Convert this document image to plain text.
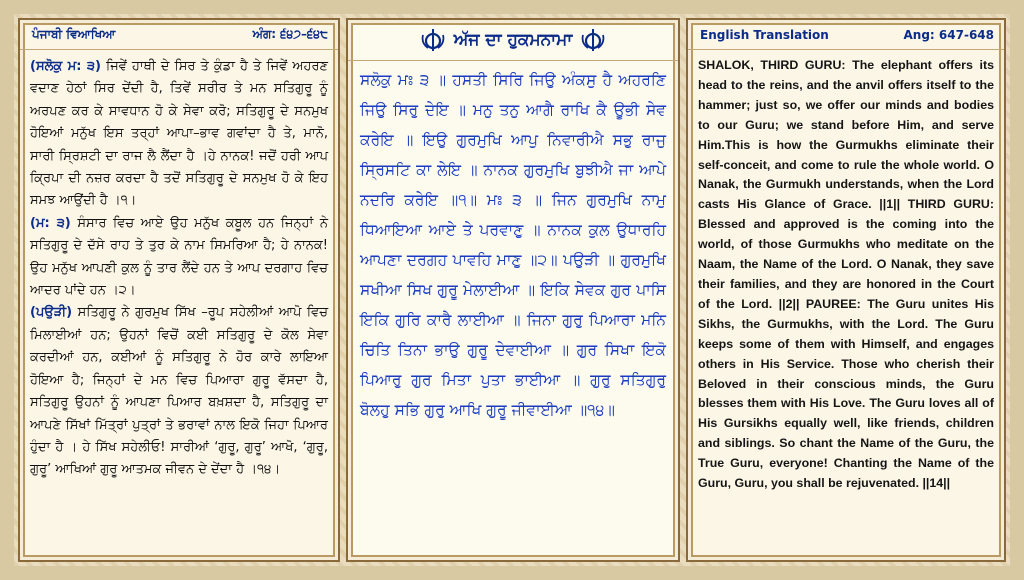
ਪੰਜਾਬੀ ਵਿਆਖਿਆ	ਅੰਗ: ੬੪੭–੬੪੮

(ਸਲੋਕੁ ਮ: ੩) ਜਿਵੇਂ ਹਾਥੀ ਦੇ ਸਿਰ ਤੇ ਕੁੰਡਾ ਹੈ ਤੇ ਜਿਵੇਂ ਅਹਰਣ ਵਦਾਣ ਹੇਠਾਂ ਸਿਰ ਦੇਂਦੀ ਹੈ, ਤਿਵੇਂ ਸਰੀਰ ਤੇ ਮਨ ਸਤਿਗੁਰੂ ਨੂੰ ਅਰਪਣ ਕਰ ਕੇ ਸਾਵਧਾਨ ਹੋ ਕੇ ਸੇਵਾ ਕਰੋ; ਸਤਿਗੁਰੂ ਦੇ ਸਨਮੁਖ ਹੋਇਆਂ ਮਨੁੱਖ ਇਸ ਤਰ੍ਹਾਂ ਆਪਾ–ਭਾਵ ਗਵਾਂਦਾ ਹੈ ਤੇ, ਮਾਨੋ, ਸਾਰੀ ਸ੍ਰਿਸ਼ਟੀ ਦਾ ਰਾਜ ਲੈ ਲੈਂਦਾ ਹੈ ।ਹੇ ਨਾਨਕ! ਜਦੋਂ ਹਰੀ ਆਪ ਕ੍ਰਿਪਾ ਦੀ ਨਜ਼ਰ ਕਰਦਾ ਹੈ ਤਦੋਂ ਸਤਿਗੁਰੂ ਦੇ ਸਨਮੁਖ ਹੋ ਕੇ ਇਹ ਸਮਝ ਆਉਂਦੀ ਹੈ ।੧।

(ਮ: ੩) ਸੰਸਾਰ ਵਿਚ ਆਏ ਉਹ ਮਨੁੱਖ ਕਬੂਲ ਹਨ ਜਿਨ੍ਹਾਂ ਨੇ ਸਤਿਗੁਰੂ ਦੇ ਦੱਸੇ ਰਾਹ ਤੇ ਤੁਰ ਕੇ ਨਾਮ ਸਿਮਰਿਆ ਹੈ; ਹੇ ਨਾਨਕ! ਉਹ ਮਨੁੱਖ ਆਪਣੀ ਕੁਲ ਨੂੰ ਤਾਰ ਲੈਂਦੇ ਹਨ ਤੇ ਆਪ ਦਰਗਾਹ ਵਿਚ ਆਦਰ ਪਾਂਦੇ ਹਨ ।੨।

(ਪਉੜੀ) ਸਤਿਗੁਰੂ ਨੇ ਗੁਰਮੁਖ ਸਿੱਖ –ਰੂਪ ਸਹੇਲੀਆਂ ਆਪੋ ਵਿਚ ਮਿਲਾਈਆਂ ਹਨ; ਉਹਨਾਂ ਵਿਚੋਂ ਕਈ ਸਤਿਗੁਰੂ ਦੇ ਕੋਲ ਸੇਵਾ ਕਰਦੀਆਂ ਹਨ, ਕਈਆਂ ਨੂੰ ਸਤਿਗੁਰੂ ਨੇ ਹੋਰ ਕਾਰੇ ਲਾਇਆ ਹੋਇਆ ਹੈ; ਜਿਨ੍ਹਾਂ ਦੇ ਮਨ ਵਿਚ ਪਿਆਰਾ ਗੁਰੂ ਵੱਸਦਾ ਹੈ, ਸਤਿਗੁਰੂ ਉਹਨਾਂ ਨੂੰ ਆਪਣਾ ਪਿਆਰ ਬਖ਼ਸ਼ਦਾ ਹੈ, ਸਤਿਗੁਰੂ ਦਾ ਆਪਣੇ ਸਿੱਖਾਂ ਮਿੱਤ੍ਰਾਂ ਪੁਤ੍ਰਾਂ ਤੇ ਭਰਾਵਾਂ ਨਾਲ ਇਕੋ ਜਿਹਾ ਪਿਆਰ ਹੁੰਦਾ ਹੈ । ਹੇ ਸਿੱਖ ਸਹੇਲੀਓ! ਸਾਰੀਆਂ ‘ਗੁਰੂ, ਗੁਰੂ’ ਆਖੋ, ‘ਗੁਰੂ, ਗੁਰੂ’ ਆਖਿਆਂ ਗੁਰੂ ਆਤਮਕ ਜੀਵਨ ਦੇ ਦੇਂਦਾ ਹੈ ।੧੪।

ਅੱਜ ਦਾ ਹੁਕਮਨਾਮਾ

ਸਲੋਕੁ ਮਃ ੩ ॥ ਹਸਤੀ ਸਿਰਿ ਜਿਉ ਅੰਕਸੁ ਹੈ ਅਹਰਣਿ ਜਿਉ ਸਿਰੁ ਦੇਇ ॥ ਮਨੁ ਤਨੁ ਆਗੈ ਰਾਖਿ ਕੈ ਊਭੀ ਸੇਵ ਕਰੇਇ ॥ ਇਉ ਗੁਰਮੁਖਿ ਆਪੁ ਨਿਵਾਰੀਐ ਸਭੁ ਰਾਜੁ ਸ੍ਰਿਸਟਿ ਕਾ ਲੇਇ ॥ ਨਾਨਕ ਗੁਰਮੁਖਿ ਬੁਝੀਐ ਜਾ ਆਪੇ ਨਦਰਿ ਕਰੇਇ ॥੧॥ ਮਃ ੩ ॥ ਜਿਨ ਗੁਰਮੁਖਿ ਨਾਮੁ ਧਿਆਇਆ ਆਏ ਤੇ ਪਰਵਾਣੁ ॥ ਨਾਨਕ ਕੁਲ ਉਧਾਰਹਿ ਆਪਣਾ ਦਰਗਹ ਪਾਵਹਿ ਮਾਣੁ ॥੨॥ ਪਉੜੀ ॥ ਗੁਰਮੁਖਿ ਸਖੀਆ ਸਿਖ ਗੁਰੂ ਮੇਲਾਈਆ ॥ ਇਕਿ ਸੇਵਕ ਗੁਰ ਪਾਸਿ ਇਕਿ ਗੁਰਿ ਕਾਰੈ ਲਾਈਆ ॥ ਜਿਨਾ ਗੁਰੁ ਪਿਆਰਾ ਮਨਿ ਚਿਤਿ ਤਿਨਾ ਭਾਉ ਗੁਰੂ ਦੇਵਾਈਆ ॥ ਗੁਰ ਸਿਖਾ ਇਕੋ ਪਿਆਰੁ ਗੁਰ ਮਿਤਾ ਪੁਤਾ ਭਾਈਆ ॥ ਗੁਰੁ ਸਤਿਗੁਰੁ ਬੋਲਹੁ ਸਭਿ ਗੁਰੁ ਆਖਿ ਗੁਰੂ ਜੀਵਾਈਆ ॥੧੪॥

English Translation	Ang: 647-648

SHALOK, THIRD GURU: The elephant offers its head to the reins, and the anvil offers itself to the hammer; just so, we offer our minds and bodies to our Guru; we stand before Him, and serve Him.This is how the Gurmukhs eliminate their self-conceit, and come to rule the whole world. O Nanak, the Gurmukh understands, when the Lord casts His Glance of Grace. ||1|| THIRD GURU: Blessed and approved is the coming into the world, of those Gurmukhs who meditate on the Naam, the Name of the Lord. O Nanak, they save their families, and they are honored in the Court of the Lord. ||2|| PAUREE: The Guru unites His Sikhs, the Gurmukhs, with the Lord. The Guru keeps some of them with Himself, and engages others in His Service. Those who cherish their Beloved in their conscious minds, the Guru blesses them with His Love. The Guru loves all of His Gursikhs equally well, like friends, children and siblings. So chant the Name of the Guru, the True Guru, everyone! Chanting the Name of the Guru, Guru, you shall be rejuvenated. ||14||
